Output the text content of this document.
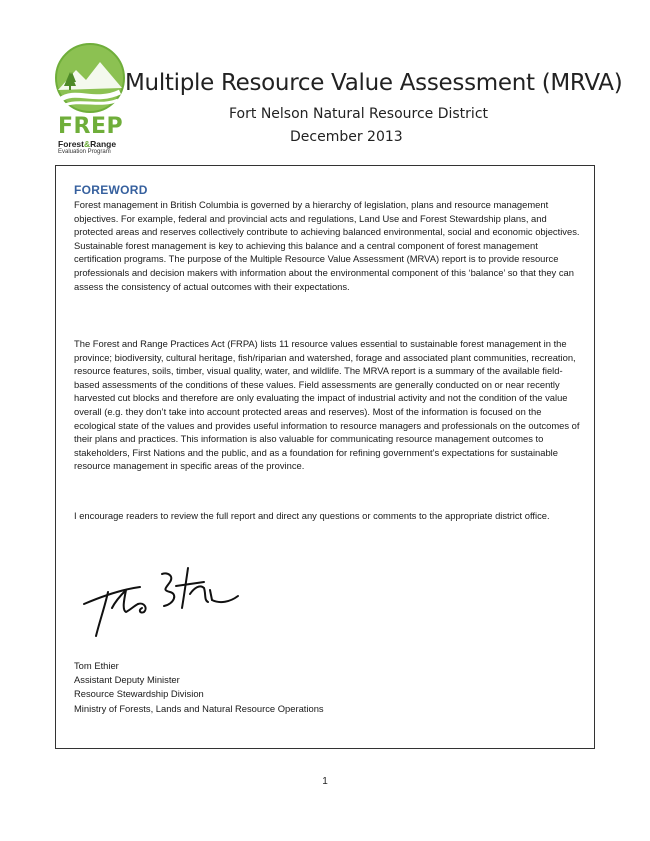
FREP
Forest&Range
Evaluation Program
Multiple Resource Value Assessment (MRVA)
Fort Nelson Natural Resource District
December 2013
FOREWORD

Forest management in British Columbia is governed by a hierarchy of legislation, plans and resource management objectives. For example, federal and provincial acts and regulations, Land Use and Forest Stewardship plans, and protected areas and reserves collectively contribute to achieving balanced environmental, social and economic objectives. Sustainable forest management is key to achieving this balance and a central component of forest management certification programs. The purpose of the Multiple Resource Value Assessment (MRVA) report is to provide resource professionals and decision makers with information about the environmental component of this ‘balance’ so that they can assess the consistency of actual outcomes with their expectations.

The Forest and Range Practices Act (FRPA) lists 11 resource values essential to sustainable forest management in the province; biodiversity, cultural heritage, fish/riparian and watershed, forage and associated plant communities, recreation, resource features, soils, timber, visual quality, water, and wildlife. The MRVA report is a summary of the available field-based assessments of the conditions of these values. Field assessments are generally conducted on or near recently harvested cut blocks and therefore are only evaluating the impact of industrial activity and not the condition of the value overall (e.g. they don’t take into account protected areas and reserves). Most of the information is focused on the ecological state of the values and provides useful information to resource managers and professionals on the outcomes of their plans and practices. This information is also valuable for communicating resource management outcomes to stakeholders, First Nations and the public, and as a foundation for refining government’s expectations for sustainable resource management in specific areas of the province.

I encourage readers to review the full report and direct any questions or comments to the appropriate district office.

Tom Ethier
Assistant Deputy Minister
Resource Stewardship Division
Ministry of Forests, Lands and Natural Resource Operations
1
